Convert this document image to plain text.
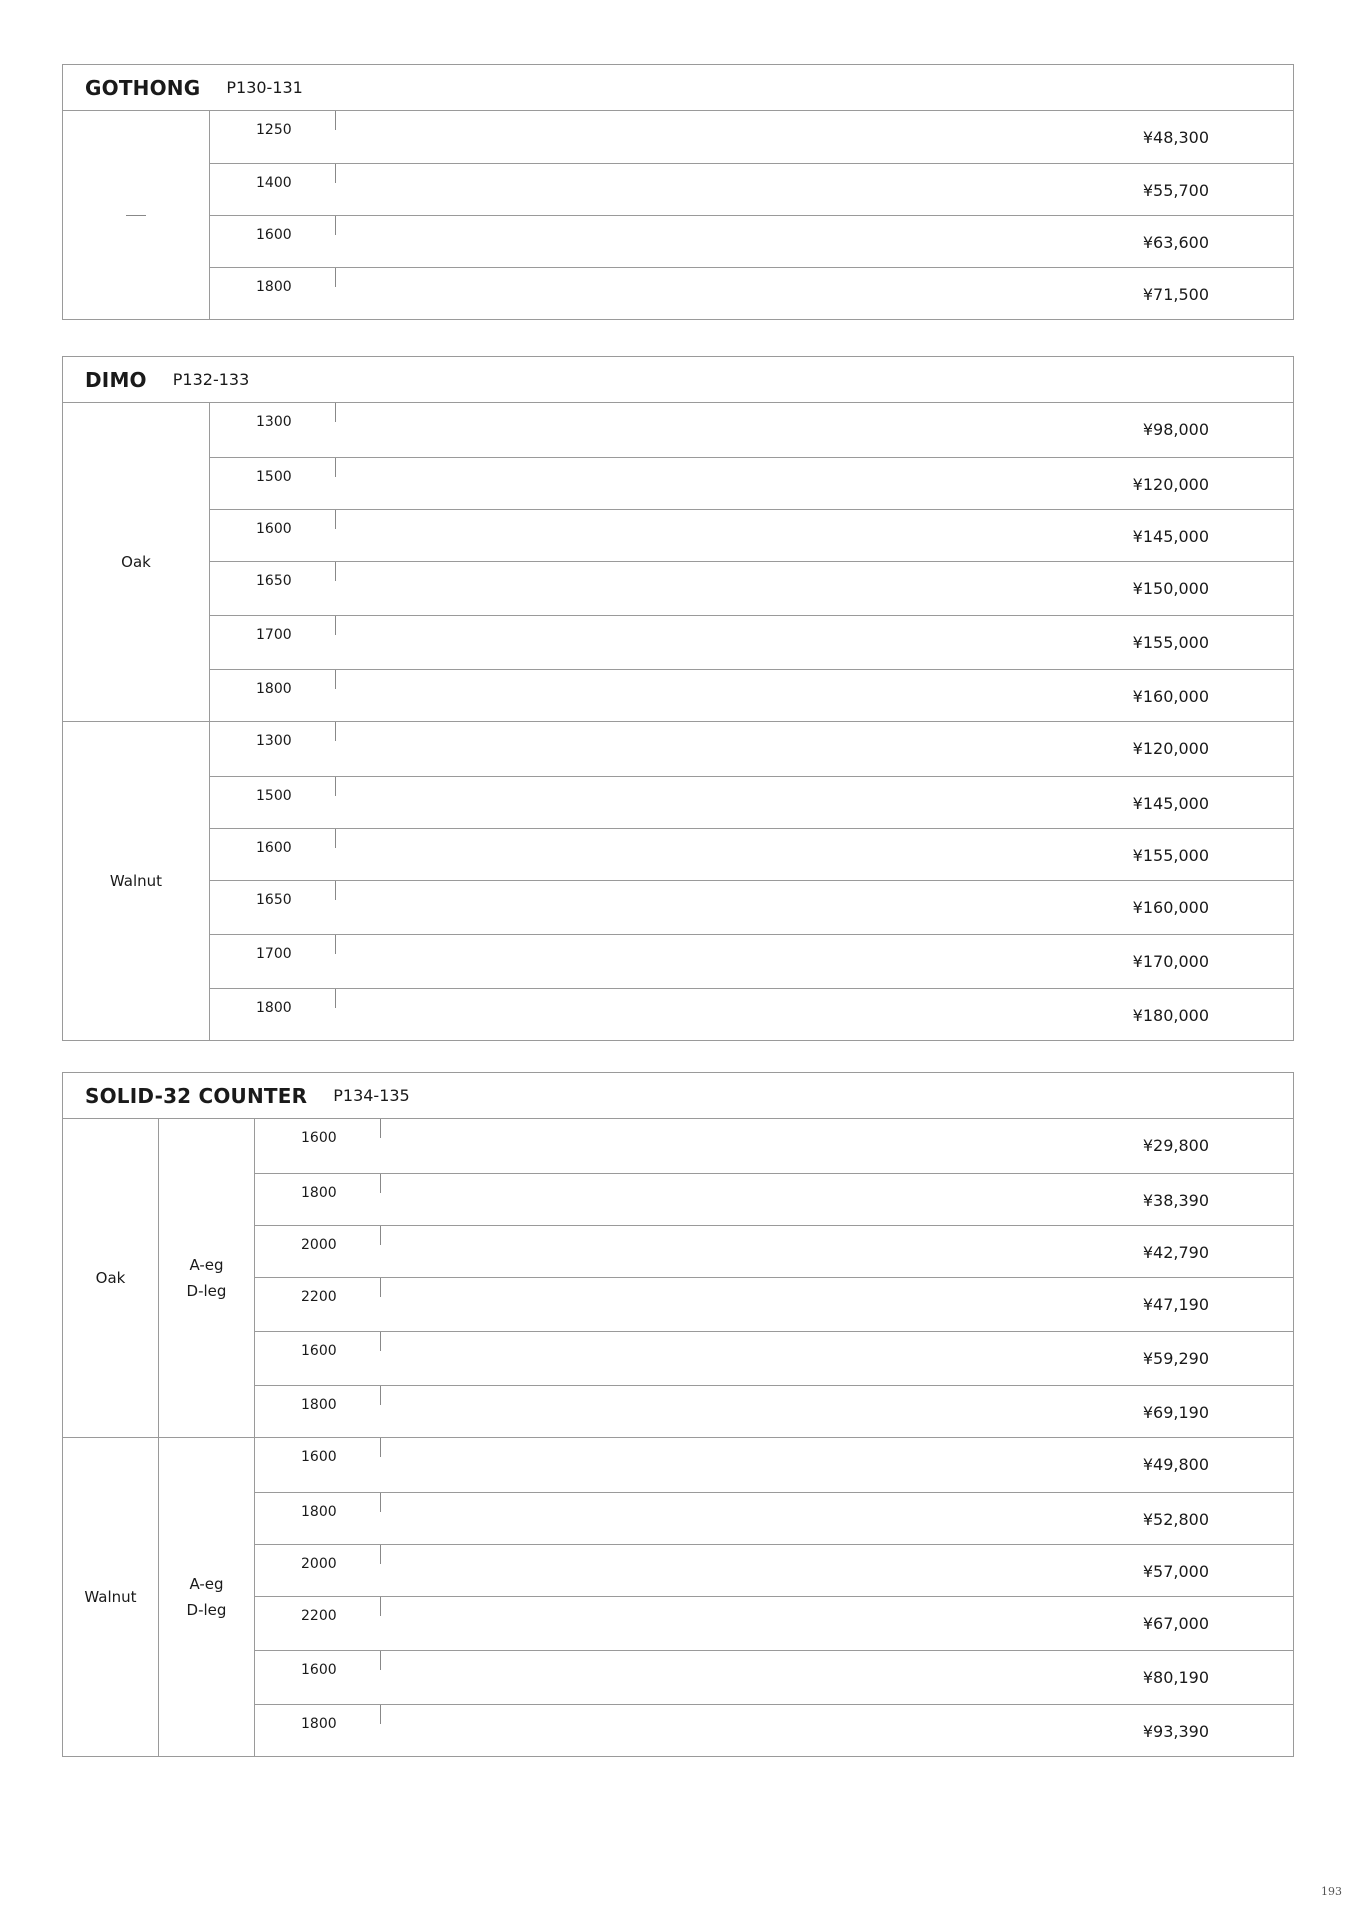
GOTHONG P130-131
1250	¥48,300
1400	¥55,700
1600	¥63,600
1800	¥71,500
DIMO P132-133
Oak
1300	¥98,000
1500	¥120,000
1600	¥145,000
1650	¥150,000
1700	¥155,000
1800	¥160,000
Walnut
1300	¥120,000
1500	¥145,000
1600	¥155,000
1650	¥160,000
1700	¥170,000
1800	¥180,000
SOLID-32 COUNTER P134-135
Oak
A-eg
D-leg
1600	¥29,800
1800	¥38,390
2000	¥42,790
2200	¥47,190
1600	¥59,290
1800	¥69,190
Walnut
A-eg
D-leg
1600	¥49,800
1800	¥52,800
2000	¥57,000
2200	¥67,000
1600	¥80,190
1800	¥93,390
193
